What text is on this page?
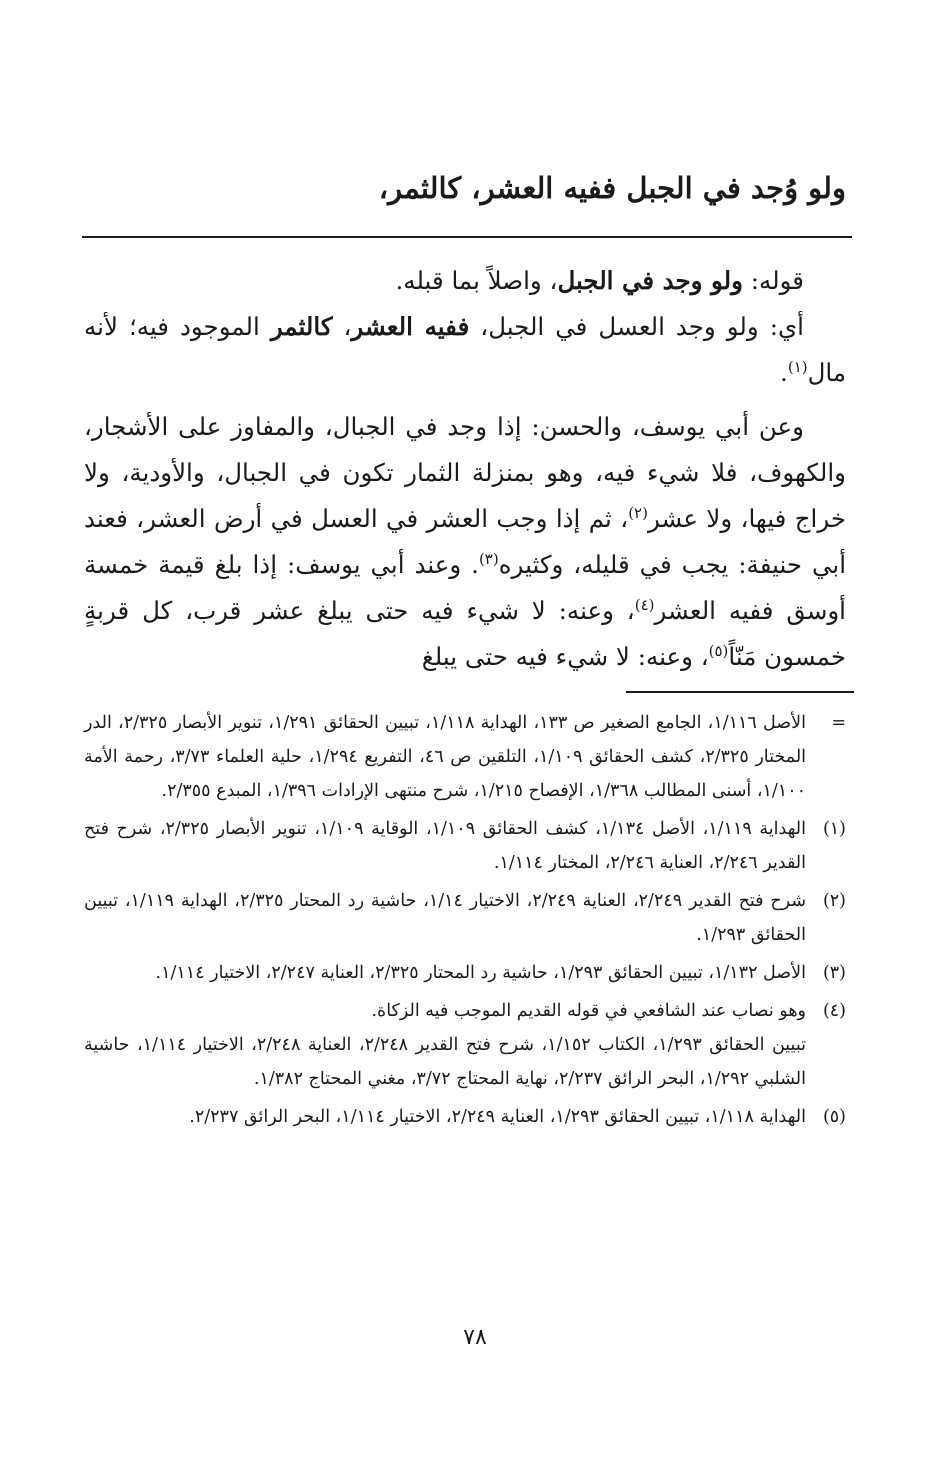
ولو وُجد في الجبل ففيه العشر، كالثمر،

قوله: ولو وجد في الجبل، واصلاً بما قبله.

أي: ولو وجد العسل في الجبل، ففيه العشر، كالثمر الموجود فيه؛ لأنه مال$^{(١)}$.

وعن أبي يوسف، والحسن: إذا وجد في الجبال، والمفاوز على الأشجار، والكهوف، فلا شيء فيه، وهو بمنزلة الثمار تكون في الجبال، والأودية، ولا خراج فيها، ولا عشر$^{(٢)}$، ثم إذا وجب العشر في العسل في أرض العشر، فعند أبي حنيفة: يجب في قليله، وكثيره$^{(٣)}$. وعند أبي يوسف: إذا بلغ قيمة خمسة أوسق ففيه العشر$^{(٤)}$، وعنه: لا شيء فيه حتى يبلغ عشر قرب، كل قربةٍ خمسون مَنّاً$^{(٥)}$، وعنه: لا شيء فيه حتى يبلغ

=
الأصل ١/١١٦، الجامع الصغير ص ١٣٣، الهداية ١/١١٨، تبيين الحقائق ١/٢٩١، تنوير الأبصار ٢/٣٢٥، الدر المختار ٢/٣٢٥، كشف الحقائق ١/١٠٩، التلقين ص ٤٦، التفريع ١/٢٩٤، حلية العلماء ٣/٧٣، رحمة الأمة ١/١٠٠، أسنى المطالب ١/٣٦٨، الإفصاح ١/٢١٥، شرح منتهى الإرادات ١/٣٩٦، المبدع ٢/٣٥٥.
(١)
الهداية ١/١١٩، الأصل ١/١٣٤، كشف الحقائق ١/١٠٩، الوقاية ١/١٠٩، تنوير الأبصار ٢/٣٢٥، شرح فتح القدير ٢/٢٤٦، العناية ٢/٢٤٦، المختار ١/١١٤.
(٢)
شرح فتح القدير ٢/٢٤٩، العناية ٢/٢٤٩، الاختيار ١/١٤، حاشية رد المحتار ٢/٣٢٥، الهداية ١/١١٩، تبيين الحقائق ١/٢٩٣.
(٣)
الأصل ١/١٣٢، تبيين الحقائق ١/٢٩٣، حاشية رد المحتار ٢/٣٢٥، العناية ٢/٢٤٧، الاختيار ١/١١٤.
(٤)
وهو نصاب عند الشافعي في قوله القديم الموجب فيه الزكاة.
تبيين الحقائق ١/٢٩٣، الكتاب ١/١٥٢، شرح فتح القدير ٢/٢٤٨، العناية ٢/٢٤٨، الاختيار ١/١١٤، حاشية الشلبي ١/٢٩٢، البحر الرائق ٢/٢٣٧، نهاية المحتاج ٣/٧٢، مغني المحتاج ١/٣٨٢.
(٥)
الهداية ١/١١٨، تبيين الحقائق ١/٢٩٣، العناية ٢/٢٤٩، الاختيار ١/١١٤، البحر الرائق ٢/٢٣٧.
٧٨
